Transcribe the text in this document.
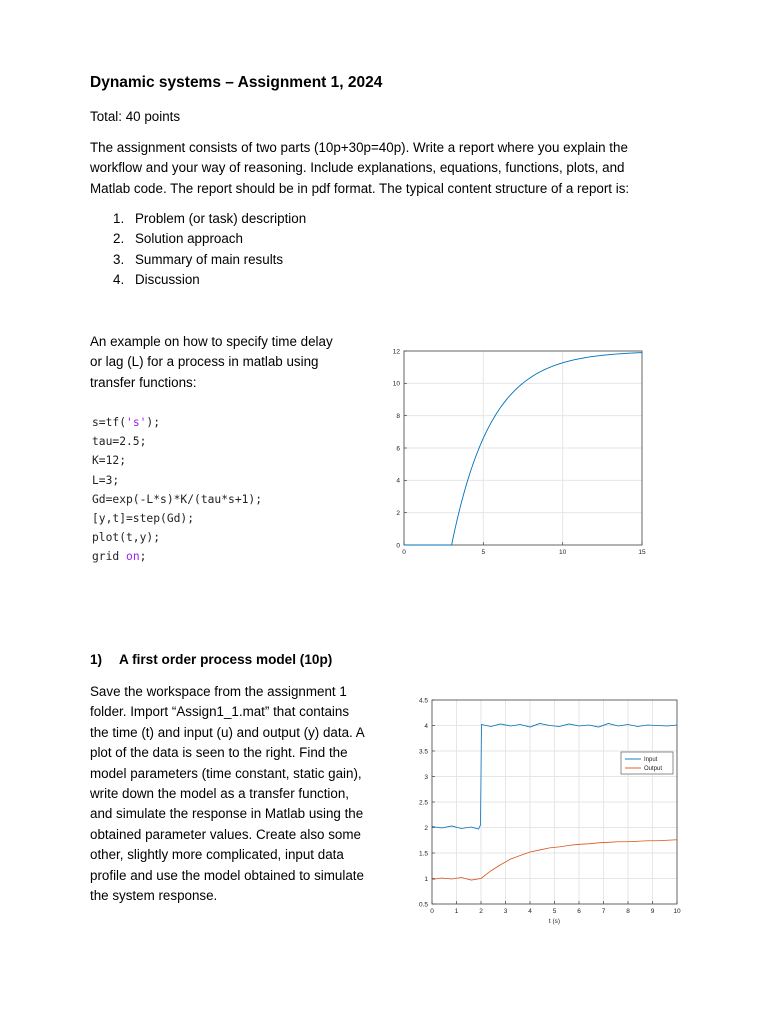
Dynamic systems – Assignment 1, 2024
Total: 40 points
The assignment consists of two parts (10p+30p=40p). Write a report where you explain the
workflow and your way of reasoning. Include explanations, equations, functions, plots, and
Matlab code. The report should be in pdf format. The typical content structure of a report is:
1. Problem (or task) description
2. Solution approach
3. Summary of main results
4. Discussion
An example on how to specify time delay
or lag (L) for a process in matlab using
transfer functions:
s=tf('s');
tau=2.5;
K=12;
L=3;
Gd=exp(-L*s)*K/(tau*s+1);
[y,t]=step(Gd);
plot(t,y);
grid on;	0	5	10	15
0
2
4
6
8
10
12
1) A first order process model (10p)
Save the workspace from the assignment 1
folder. Import “Assign1_1.mat” that contains
the time (t) and input (u) and output (y) data. A
plot of the data is seen to the right. Find the
model parameters (time constant, static gain),
write down the model as a transfer function,
and simulate the response in Matlab using the
obtained parameter values. Create also some
other, slightly more complicated, input data
profile and use the model obtained to simulate
the system response.
0	1	2	3	4	5	6	7	8	9	10
0.5
1
1.5
2
2.5
3
3.5
4
4.5
t (s)
Input
Output
